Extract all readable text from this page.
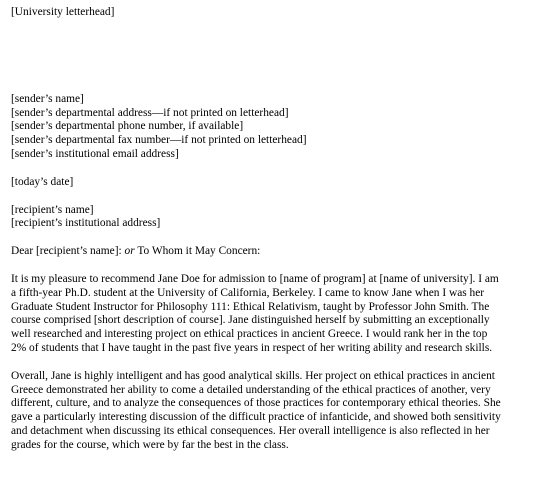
[University letterhead]

[sender’s name]

[sender’s departmental address—if not printed on letterhead]

[sender’s departmental phone number, if available]

[sender’s departmental fax number—if not printed on letterhead]

[sender’s institutional email address]

[today’s date]

[recipient’s name]

[recipient’s institutional address]

Dear [recipient’s name]: or To Whom it May Concern:

It is my pleasure to recommend Jane Doe for admission to [name of program] at [name of university]. I am

a fifth-year Ph.D. student at the University of California, Berkeley. I came to know Jane when I was her

Graduate Student Instructor for Philosophy 111: Ethical Relativism, taught by Professor John Smith. The

course comprised [short description of course]. Jane distinguished herself by submitting an exceptionally

well researched and interesting project on ethical practices in ancient Greece. I would rank her in the top

2% of students that I have taught in the past five years in respect of her writing ability and research skills.

Overall, Jane is highly intelligent and has good analytical skills. Her project on ethical practices in ancient

Greece demonstrated her ability to come a detailed understanding of the ethical practices of another, very

different, culture, and to analyze the consequences of those practices for contemporary ethical theories. She

gave a particularly interesting discussion of the difficult practice of infanticide, and showed both sensitivity

and detachment when discussing its ethical consequences. Her overall intelligence is also reflected in her

grades for the course, which were by far the best in the class.
